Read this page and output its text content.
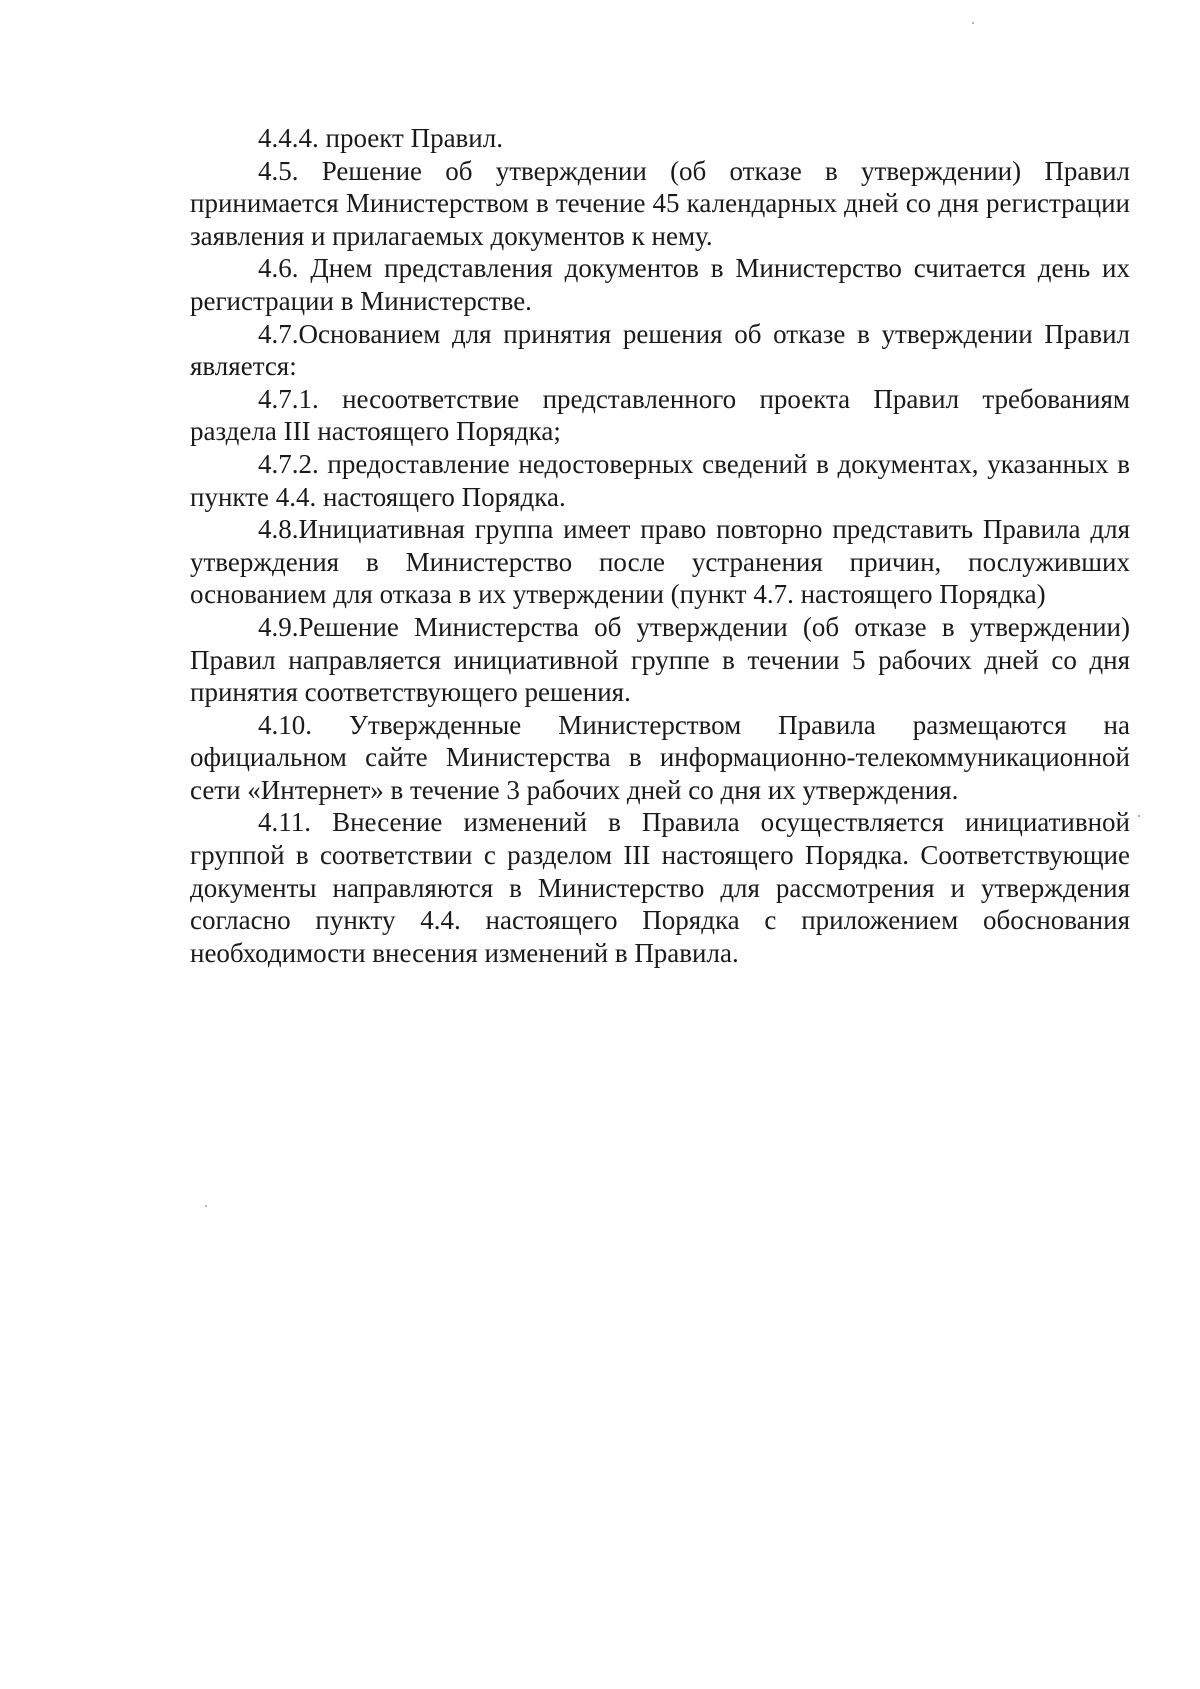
4.4.4. проект Правил.

4.5. Решение об утверждении (об отказе в утверждении) Правил принимается Министерством в течение 45 календарных дней со дня регистрации заявления и прилагаемых документов к нему.

4.6. Днем представления документов в Министерство считается день их регистрации в Министерстве.

4.7.Основанием для принятия решения об отказе в утверждении Правил является:

4.7.1. несоответствие представленного проекта Правил требованиям раздела III настоящего Порядка;

4.7.2. предоставление недостоверных сведений в документах, указанных в пункте 4.4. настоящего Порядка.

4.8.Инициативная группа имеет право повторно представить Правила для утверждения в Министерство после устранения причин, послуживших основанием для отказа в их утверждении (пункт 4.7. настоящего Порядка)

4.9.Решение Министерства об утверждении (об отказе в утверждении) Правил направляется инициативной группе в течении 5 рабочих дней со дня принятия соответствующего решения.

4.10. Утвержденные Министерством Правила размещаются на официальном сайте Министерства в информационно-телекоммуникационной сети «Интернет» в течение 3 рабочих дней со дня их утверждения.

4.11. Внесение изменений в Правила осуществляется инициативной группой в соответствии с разделом III настоящего Порядка. Соответствующие документы направляются в Министерство для рассмотрения и утверждения согласно пункту 4.4. настоящего Порядка с приложением обоснования необходимости внесения изменений в Правила.
